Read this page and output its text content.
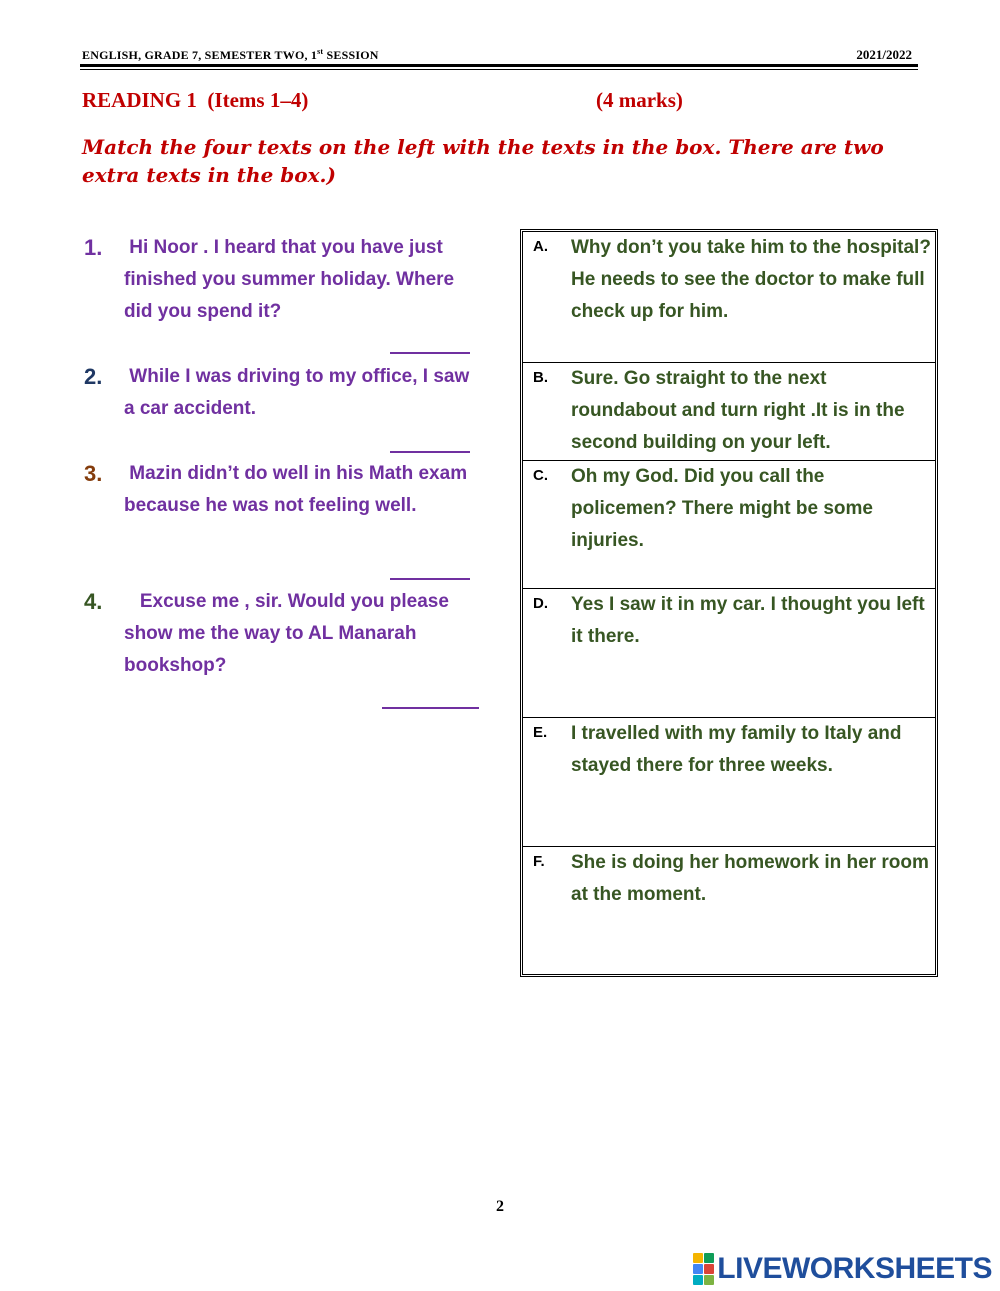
ENGLISH, GRADE 7, SEMESTER TWO, 1st SESSION	2021/2022
READING 1  (Items 1–4)	(4 marks)
Match the four texts on the left with the texts in the box. There are two extra texts in the box.)
1. Hi Noor . I heard that you have just finished you summer holiday. Where did you spend it?
2. While I was driving to my office, I saw a car accident.
3. Mazin didn’t do well in his Math exam because he was not feeling well.
4. Excuse me , sir. Would you please show me the way to AL Manarah bookshop?
A. Why don’t you take him to the hospital? He needs to see the doctor to make full check up for him.
B. Sure. Go straight to the next roundabout and turn right .It is in the second building on your left.
C. Oh my God. Did you call the policemen? There might be some injuries.
D. Yes I saw it in my car. I thought you left it there.
E. I travelled with my family to Italy and stayed there for three weeks.
F. She is doing her homework in her room at the moment.
2
LIVEWORKSHEETS
